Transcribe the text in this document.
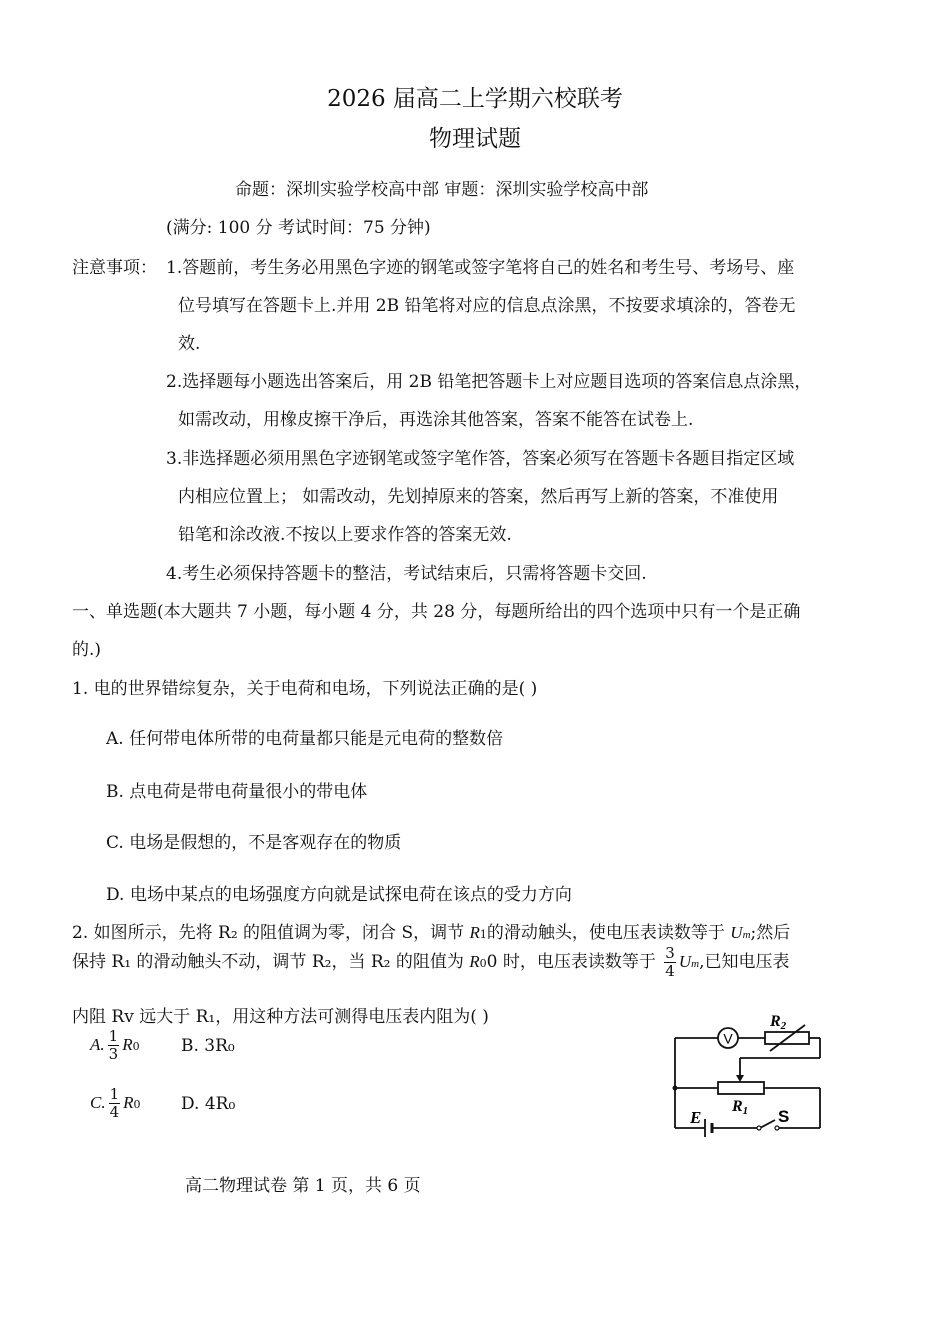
2026 届高二上学期六校联考
物理试题
命题：深圳实验学校高中部 审题：深圳实验学校高中部
(满分: 100 分 考试时间：75 分钟)
注意事项： 1.答题前，考生务必用黑色字迹的钢笔或签字笔将自己的姓名和考生号、考场号、座
位号填写在答题卡上.并用 2B 铅笔将对应的信息点涂黑，不按要求填涂的，答卷无
效.
2.选择题每小题选出答案后，用 2B 铅笔把答题卡上对应题目选项的答案信息点涂黑，
如需改动，用橡皮擦干净后，再选涂其他答案，答案不能答在试卷上.
3.非选择题必须用黑色字迹钢笔或签字笔作答，答案必须写在答题卡各题目指定区域
内相应位置上； 如需改动，先划掉原来的答案，然后再写上新的答案，不准使用
铅笔和涂改液.不按以上要求作答的答案无效.
4.考生必须保持答题卡的整洁，考试结束后，只需将答题卡交回.
一、单选题(本大题共 7 小题，每小题 4 分，共 28 分，每题所给出的四个选项中只有一个是正确
的.)
1. 电的世界错综复杂，关于电荷和电场，下列说法正确的是( )
A. 任何带电体所带的电荷量都只能是元电荷的整数倍
B. 点电荷是带电荷量很小的带电体
C. 电场是假想的，不是客观存在的物质
D. 电场中某点的电场强度方向就是试探电荷在该点的受力方向
2. 如图所示，先将 R₂ 的阻值调为零，闭合 S，调节 R1的滑动触头，使电压表读数等于 Um;然后
保持 R₁ 的滑动触头不动，调节 R₂，当 R₂ 的阻值为 R00 时，电压表读数等于 $\frac{3}{4} Um$,已知电压表
内阻 Rv 远大于 R₁，用这种方法可测得电压表内阻为( )
A. $\frac{1}{3} R0$ B. 3R₀
C. $\frac{1}{4} R0$ D. 4R₀
V
R2
R1
E	S
高二物理试卷 第 1 页，共 6 页
